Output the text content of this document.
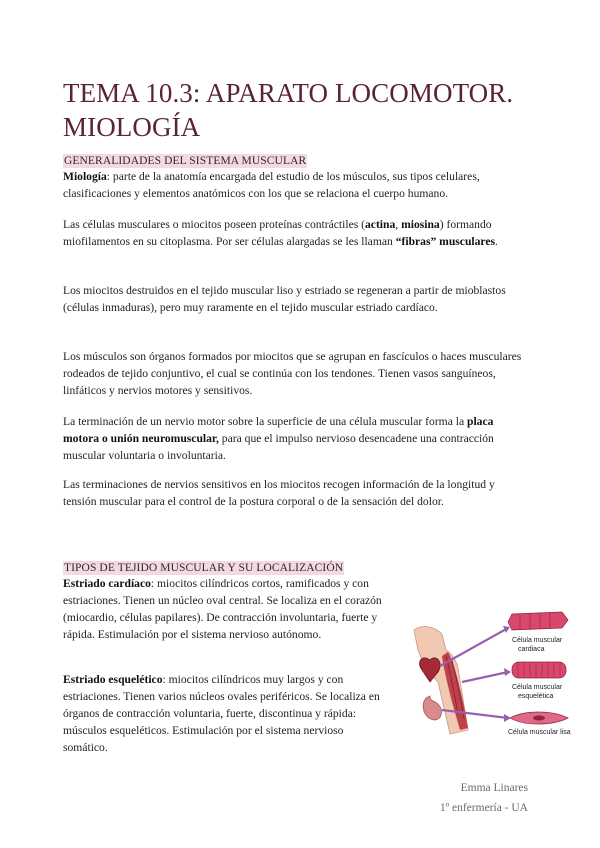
TEMA 10.3: APARATO LOCOMOTOR. MIOLOGÍA
GENERALIDADES DEL SISTEMA MUSCULAR

Miología: parte de la anatomía encargada del estudio de los músculos, sus tipos celulares, clasificaciones y elementos anatómicos con los que se relaciona el cuerpo humano.

Las células musculares o miocitos poseen proteínas contráctiles (actina, miosina) formando miofilamentos en su citoplasma. Por ser células alargadas se les llaman “fibras” musculares.

Los miocitos destruidos en el tejido muscular liso y estriado se regeneran a partir de mioblastos (células inmaduras), pero muy raramente en el tejido muscular estriado cardíaco.

Los músculos son órganos formados por miocitos que se agrupan en fascículos o haces musculares rodeados de tejido conjuntivo, el cual se continúa con los tendones. Tienen vasos sanguíneos, linfáticos y nervios motores y sensitivos.

La terminación de un nervio motor sobre la superficie de una célula muscular forma la placa motora o unión neuromuscular, para que el impulso nervioso desencadene una contracción muscular voluntaria o involuntaria.

Las terminaciones de nervios sensitivos en los miocitos recogen información de la longitud y tensión muscular para el control de la postura corporal o de la sensación del dolor.

TIPOS DE TEJIDO MUSCULAR Y SU LOCALIZACIÓN

Estriado cardíaco: miocitos cilíndricos cortos, ramificados y con estriaciones. Tienen un núcleo oval central. Se localiza en el corazón (miocardio, células papilares). De contracción involuntaria, fuerte y rápida. Estimulación por el sistema nervioso autónomo.

Estriado esquelético: miocitos cilíndricos muy largos y con estriaciones. Tienen varios núcleos ovales periféricos. Se localiza en órganos de contracción voluntaria, fuerte, discontinua y rápida: músculos esqueléticos. Estimulación por el sistema nervioso somático.

Célula muscular
cardiaca
Célula muscular
esquelética
Célula muscular lisa
Emma Linares
1º enfermería - UA
